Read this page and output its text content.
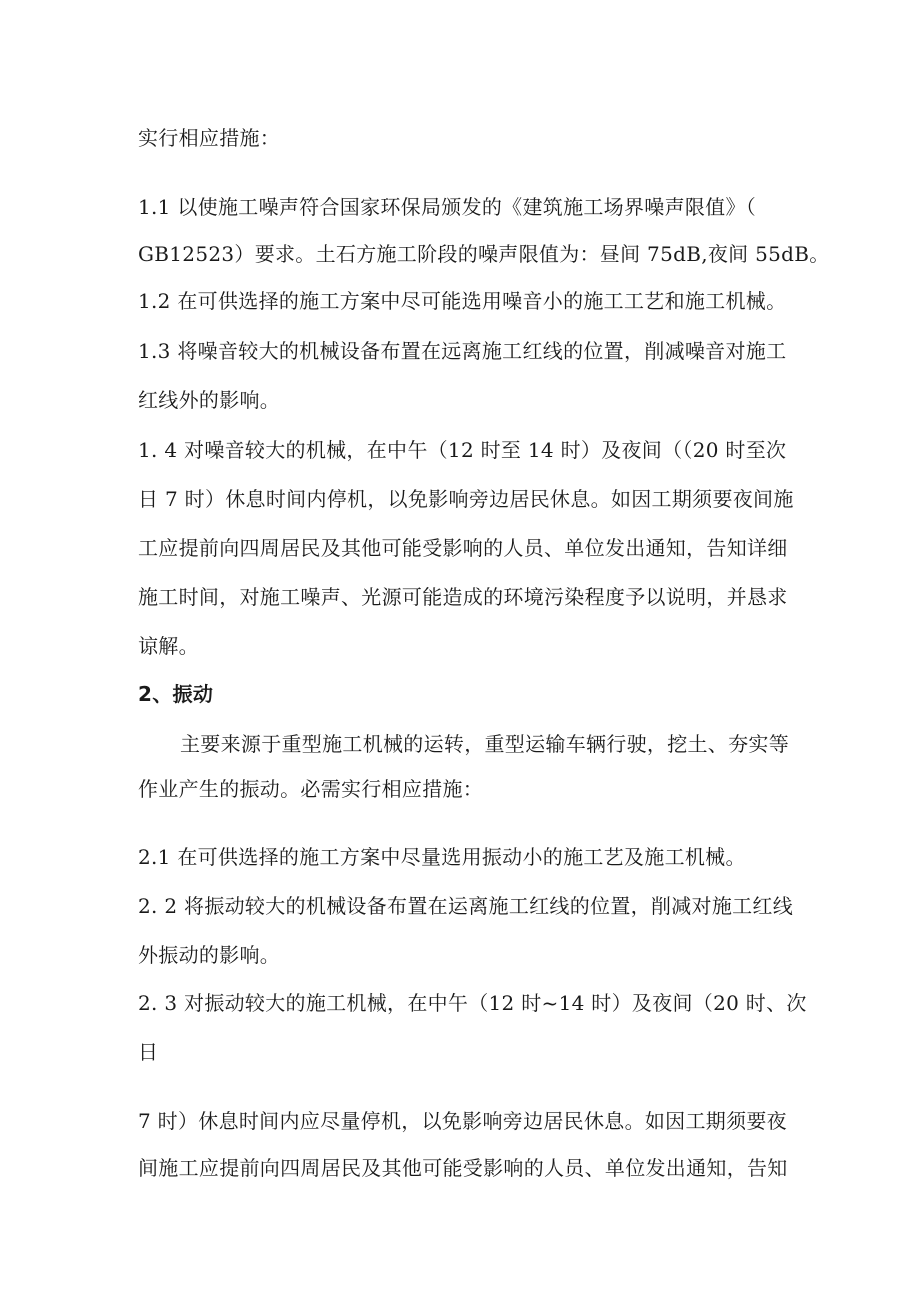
实行相应措施：
1.1 以使施工噪声符合国家环保局颁发的《建筑施工场界噪声限值》（
GB12523）要求。土石方施工阶段的噪声限值为：昼间 75dB,夜间 55dB。
1.2 在可供选择的施工方案中尽可能选用噪音小的施工工艺和施工机械。
1.3 将噪音较大的机械设备布置在远离施工红线的位置，削减噪音对施工
红线外的影响。
1. 4 对噪音较大的机械，在中午（12 时至 14 时）及夜间（（20 时至次
日 7 时）休息时间内停机，以免影响旁边居民休息。如因工期须要夜间施
工应提前向四周居民及其他可能受影响的人员、单位发出通知，告知详细
施工时间，对施工噪声、光源可能造成的环境污染程度予以说明，并恳求
谅解。
2、振动
主要来源于重型施工机械的运转，重型运输车辆行驶，挖土、夯实等
作业产生的振动。必需实行相应措施：
2.1 在可供选择的施工方案中尽量选用振动小的施工艺及施工机械。
2. 2 将振动较大的机械设备布置在运离施工红线的位置，削减对施工红线
外振动的影响。
2. 3 对振动较大的施工机械，在中午（12 时~14 时）及夜间（20 时、次
日
7 时）休息时间内应尽量停机，以免影响旁边居民休息。如因工期须要夜
间施工应提前向四周居民及其他可能受影响的人员、单位发出通知，告知
